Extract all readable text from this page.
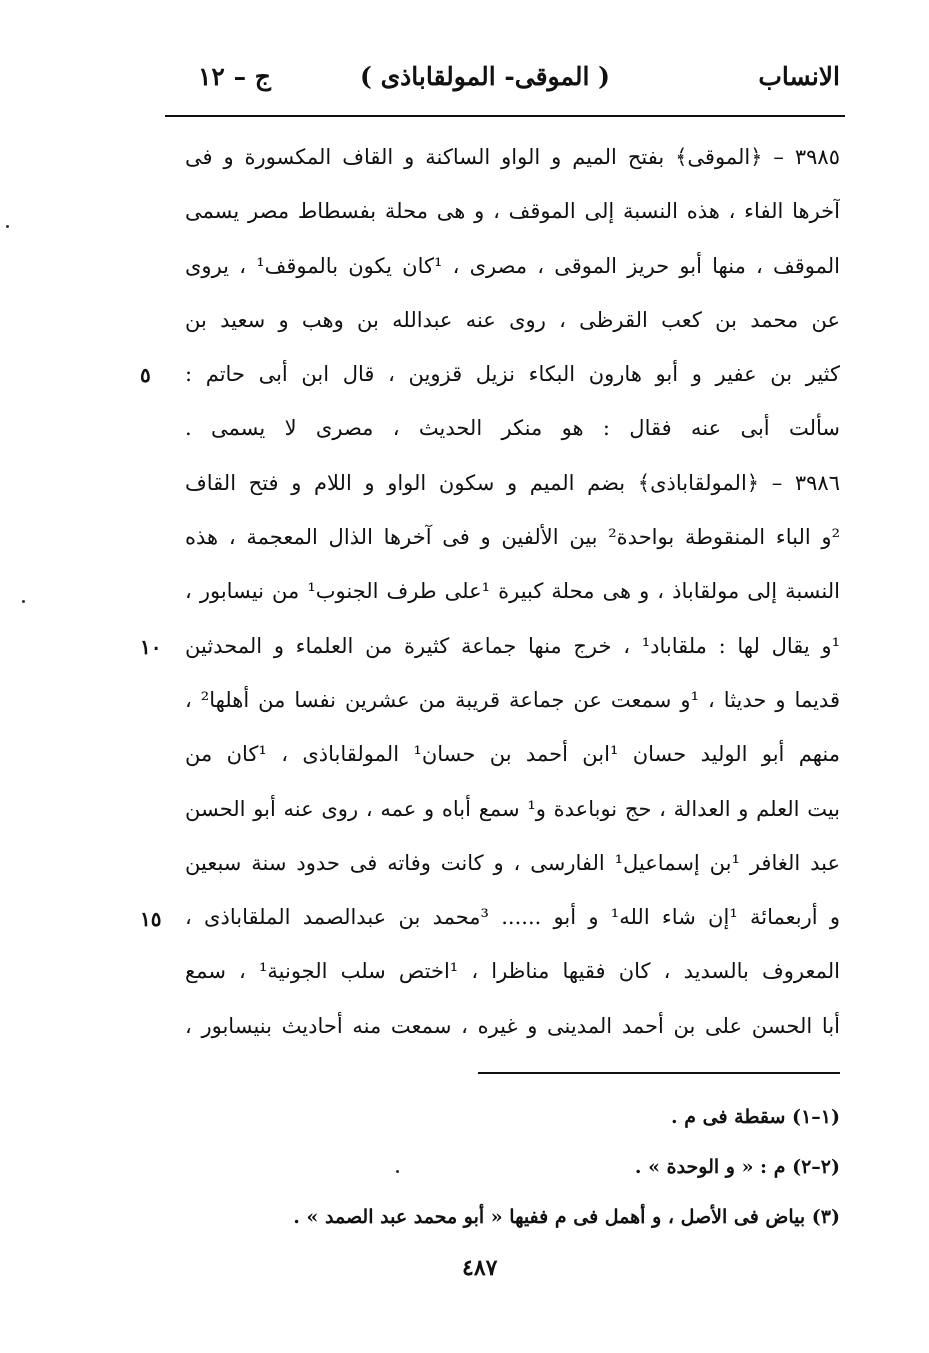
الانساب
( الموقى- المولقاباذى )
ج – ١٢
٣٩٨٥ – ﴿الموقى﴾ بفتح الميم و الواو الساكنة و القاف المكسورة و فى
آخرها الفاء ، هذه النسبة إلى الموقف ، و هى محلة بفسطاط مصر يسمى
الموقف ، منها أبو حريز الموقى ، مصرى ، ¹كان يكون بالموقف¹ ، يروى
عن محمد بن كعب القرظى ، روى عنه عبدالله بن وهب و سعيد بن
كثير بن عفير و أبو هارون البكاء نزيل قزوين ، قال ابن أبى حاتم :
سألت أبى عنه فقال : هو منكر الحديث ، مصرى لا يسمى .
٣٩٨٦ – ﴿المولقاباذى﴾ بضم الميم و سكون الواو و اللام و فتح القاف
²و الباء المنقوطة بواحدة² بين الألفين و فى آخرها الذال المعجمة ، هذه
النسبة إلى مولقاباذ ، و هى محلة كبيرة ¹على طرف الجنوب¹ من نيسابور ،
¹و يقال لها : ملقاباد¹ ، خرج منها جماعة كثيرة من العلماء و المحدثين
قديما و حديثا ، ¹و سمعت عن جماعة قريبة من عشرين نفسا من أهلها² ،
منهم أبو الوليد حسان ¹ابن أحمد بن حسان¹ المولقاباذى ، ¹كان من
بيت العلم و العدالة ، حج نوباعدة و¹ سمع أباه و عمه ، روى عنه أبو الحسن
عبد الغافر ¹بن إسماعيل¹ الفارسى ، و كانت وفاته فى حدود سنة سبعين
و أربعمائة ¹إن شاء الله¹ و أبو ...... ³محمد بن عبدالصمد الملقاباذى ،
المعروف بالسديد ، كان فقيها مناظرا ، ¹اختص سلب الجونية¹ ، سمع
أبا الحسن على بن أحمد المدينى و غيره ، سمعت منه أحاديث بنيسابور ،
٥
١٠
١٥
(١–١) سقطة فى م .
(٢–٢) م : « و الوحدة » .
(٣) بياض فى الأصل ، و أهمل فى م ففيها « أبو محمد عبد الصمد » .
٤٨٧
